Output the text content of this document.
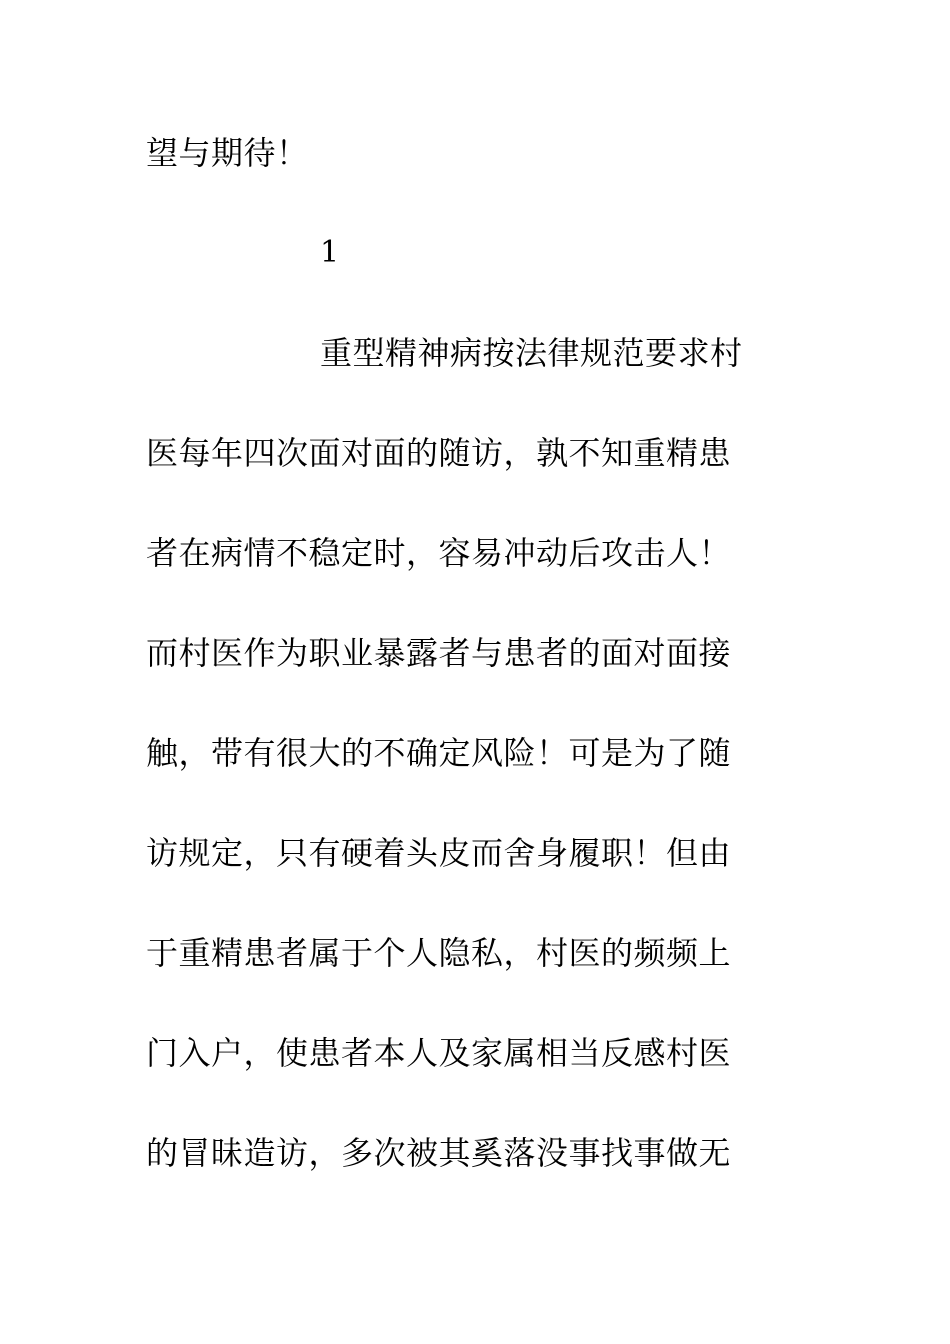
望与期待！
1
重型精神病按法律规范要求村
医每年四次面对面的随访，孰不知重精患
者在病情不稳定时，容易冲动后攻击人！
而村医作为职业暴露者与患者的面对面接
触，带有很大的不确定风险！可是为了随
访规定，只有硬着头皮而舍身履职！但由
于重精患者属于个人隐私，村医的频频上
门入户，使患者本人及家属相当反感村医
的冒昧造访，多次被其奚落没事找事做无
